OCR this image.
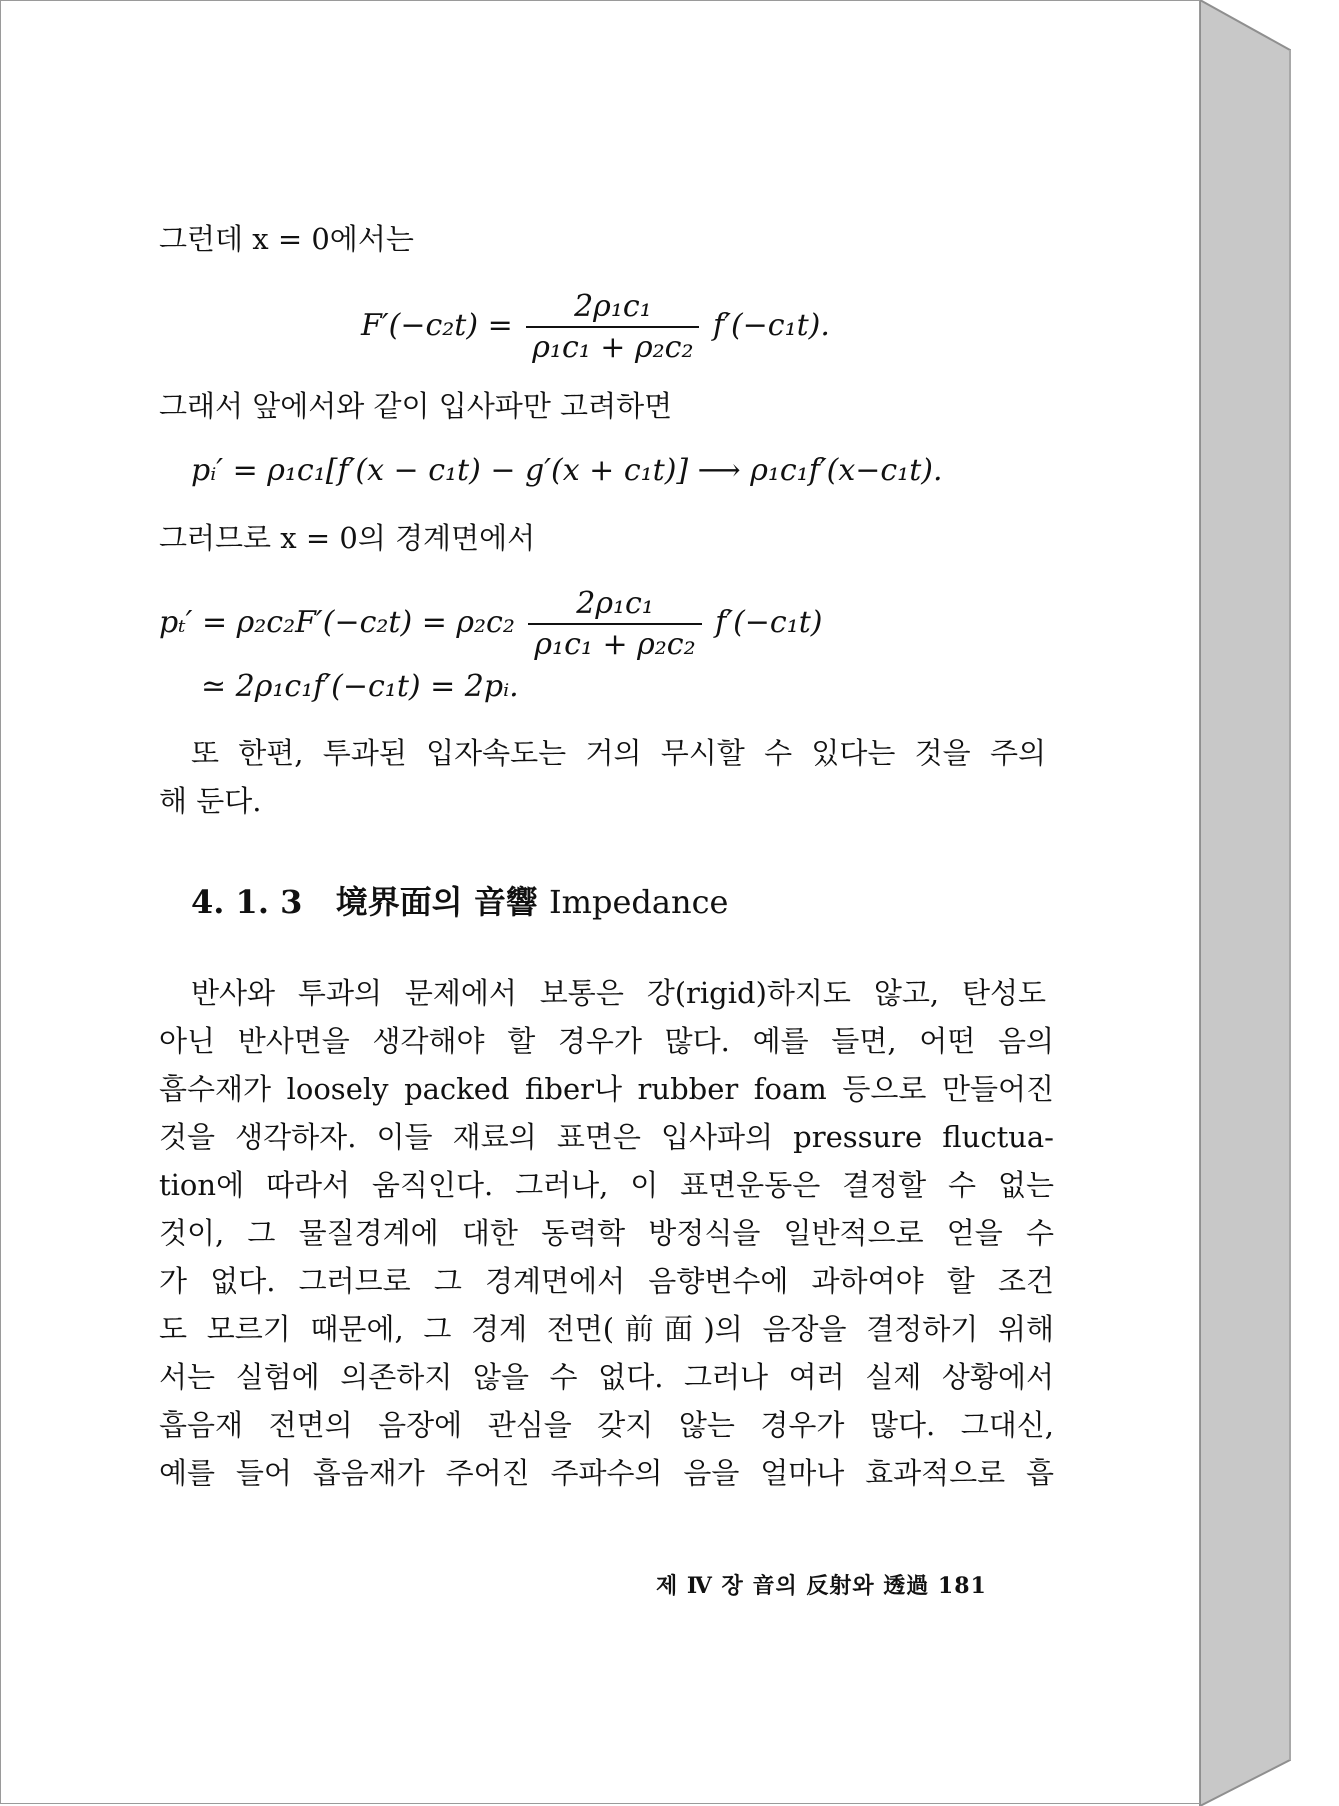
그런데 x = 0에서는
$F'(-c_2t) = \frac{\text{2ρ₁c₁}}{\text{ρ₁c₁ + ρ₂c₂}} f'(-c_1t)$.
그래서 앞에서와 같이 입사파만 고려하면
pᵢ′ = ρ₁c₁[f′(x − c₁t) − g′(x + c₁t)] ⟶ ρ₁c₁f′(x−c₁t).
그러므로 x = 0의 경계면에서
$p_t' = \rho_2c_2F'(-c_2t) = \rho_2c_2 \frac{\text{2ρ₁c₁}}{\text{ρ₁c₁ + ρ₂c₂}} f'(-c_1t)$
≃ 2ρ₁c₁f′(−c₁t) = 2pᵢ.
또 한편, 투과된 입자속도는 거의 무시할 수 있다는 것을 주의
해 둔다.
4. 1. 3 境界面의 音響 Impedance
반사와 투과의 문제에서 보통은 강(rigid)하지도 않고, 탄성도
아닌 반사면을 생각해야 할 경우가 많다. 예를 들면, 어떤 음의
흡수재가 loosely packed fiber나 rubber foam 등으로 만들어진
것을 생각하자. 이들 재료의 표면은 입사파의 pressure fluctua-
tion에 따라서 움직인다. 그러나, 이 표면운동은 결정할 수 없는
것이, 그 물질경계에 대한 동력학 방정식을 일반적으로 얻을 수
가 없다. 그러므로 그 경계면에서 음향변수에 과하여야 할 조건
도 모르기 때문에, 그 경계 전면(前面)의 음장을 결정하기 위해
서는 실험에 의존하지 않을 수 없다. 그러나 여러 실제 상황에서
흡음재 전면의 음장에 관심을 갖지 않는 경우가 많다. 그대신,
예를 들어 흡음재가 주어진 주파수의 음을 얼마나 효과적으로 흡
제 Ⅳ 장 音의 反射와 透過 181
